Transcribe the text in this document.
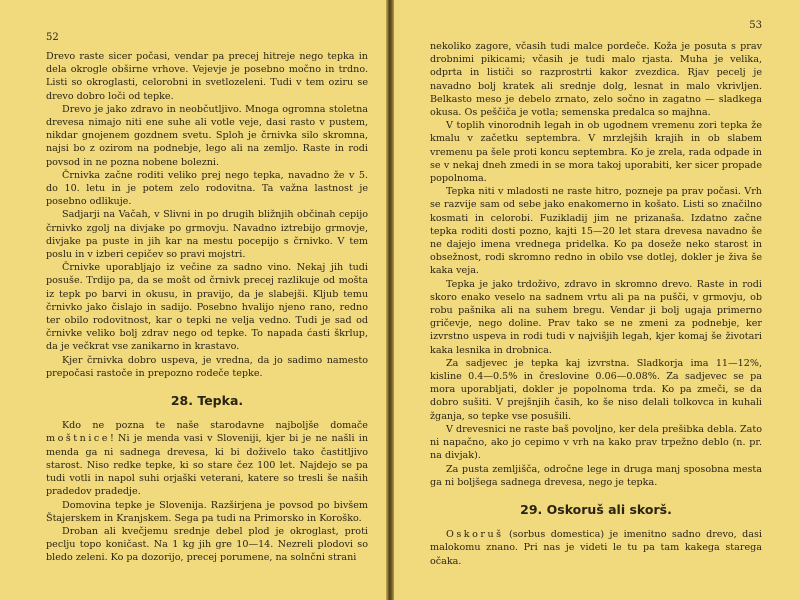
52

Drevo raste sicer počasi, vendar pa precej hitreje nego tepka in dela okrogle obširne vrhove. Vejevje je posebno močno in trdno. Listi so okroglasti, celorobni in svetlozeleni. Tudi v tem oziru se drevo dobro loči od tepke.

Drevo je jako zdravo in neobčutljivo. Mnoga ogromna stoletna drevesa nimajo niti ene suhe ali votle veje, dasi rasto v pustem, nikdar gnojenem gozdnem svetu. Sploh je črnivka silo skromna, najsi bo z ozirom na podnebje, lego ali na zemljo. Raste in rodi povsod in ne pozna nobene bolezni.

Črnivka začne roditi veliko prej nego tepka, navadno že v 5. do 10. letu in je potem zelo rodovitna. Ta važna lastnost je posebno odlikuje.

Sadjarji na Vačah, v Slivni in po drugih bližnjih občinah cepijo črnivko zgolj na divjake po grmovju. Navadno iztrebijo grmovje, divjake pa puste in jih kar na mestu pocepijo s črnivko. V tem poslu in v izberi cepičev so pravi mojstri.

Črnivke uporabljajo iz večine za sadno vino. Nekaj jih tudi posuše. Trdijo pa, da se mošt od črnivk precej razlikuje od mošta iz tepk po barvi in okusu, in pravijo, da je slabejši. Kljub temu črnivko jako čislajo in sadijo. Posebno hvalijo njeno rano, redno ter obilo rodovitnost, kar o tepki ne velja vedno. Tudi je sad od črnivke veliko bolj zdrav nego od tepke. To napada ćasti škrlup, da je večkrat vse zanikarno in krastavo.

Kjer črnivka dobro uspeva, je vredna, da jo sadimo namesto prepočasi rastoče in prepozno rodeče tepke.

28. Tepka.

Kdo ne pozna te naše starodavne najboljše domače moštnice! Ni je menda vasi v Sloveniji, kjer bi je ne našli in menda ga ni sadnega drevesa, ki bi doživelo tako častitljivo starost. Niso redke tepke, ki so stare čez 100 let. Najdejo se pa tudi votli in napol suhi orjaški veterani, katere so tresli še naših pradedov pradedje.

Domovina tepke je Slovenija. Razširjena je povsod po bivšem Štajerskem in Kranjskem. Sega pa tudi na Primorsko in Koroško.

Droban ali kvečjemu srednje debel plod je okroglast, proti peclju topo koničast. Na 1 kg jih gre 10—14. Nezreli plodovi so bledo zeleni. Ko pa dozorijo, precej porumene, na solnčni strani

53

nekoliko zagore, včasih tudi malce pordeče. Koža je posuta s prav drobnimi pikicami; včasih je tudi malo rjasta. Muha je velika, odprta in lističi so razprostrti kakor zvezdica. Rjav pecelj je navadno bolj kratek ali srednje dolg, lesnat in malo vkrivljen. Belkasto meso je debelo zrnato, zelo sočno in zagatno — sladkega okusa. Os peščiča je votla; semenska predalca so majhna.

V toplih vinorodnih legah in ob ugodnem vremenu zori tepka že kmalu v začetku septembra. V mrzlejših krajih in ob slabem vremenu pa šele proti koncu septembra. Ko je zrela, rada odpade in se v nekaj dneh zmedi in se mora takoj uporabiti, ker sicer propade popolnoma.

Tepka niti v mladosti ne raste hitro, pozneje pa prav počasi. Vrh se razvije sam od sebe jako enakomerno in košato. Listi so značilno kosmati in celorobi. Fuzikladij jim ne prizanaša. Izdatno začne tepka roditi dosti pozno, kajti 15—20 let stara drevesa navadno še ne dajejo imena vrednega pridelka. Ko pa doseže neko starost in obsežnost, rodi skromno redno in obilo vse dotlej, dokler je živa še kaka veja.

Tepka je jako trdoživo, zdravo in skromno drevo. Raste in rodi skoro enako veselo na sadnem vrtu ali pa na pušči, v grmovju, ob robu pašnika ali na suhem bregu. Vendar ji bolj ugaja primerno gričevje, nego doline. Prav tako se ne zmeni za podnebje, ker izvrstno uspeva in rodi tudi v najvišjih legah, kjer komaj še životari kaka lesnika in drobnica.

Za sadjevec je tepka kaj izvrstna. Sladkorja ima 11—12%, kisline 0.4—0.5% in čreslovine 0.06—0.08%. Za sadjevec se pa mora uporabljati, dokler je popolnoma trda. Ko pa zmeči, se da dobro sušiti. V prejšnjih časih, ko še niso delali tolkovca in kuhali žganja, so tepke vse posušili.

V drevesnici ne raste baš povoljno, ker dela prešibka debla. Zato ni napačno, ako jo cepimo v vrh na kako prav trpežno deblo (n. pr. na divjak).

Za pusta zemljišča, odročne lege in druga manj sposobna mesta ga ni boljšega sadnega drevesa, nego je tepka.

29. Oskoruš ali skorš.

Oskoruš (sorbus domestica) je imenitno sadno drevo, dasi malokomu znano. Pri nas je videti le tu pa tam kakega starega očaka.
